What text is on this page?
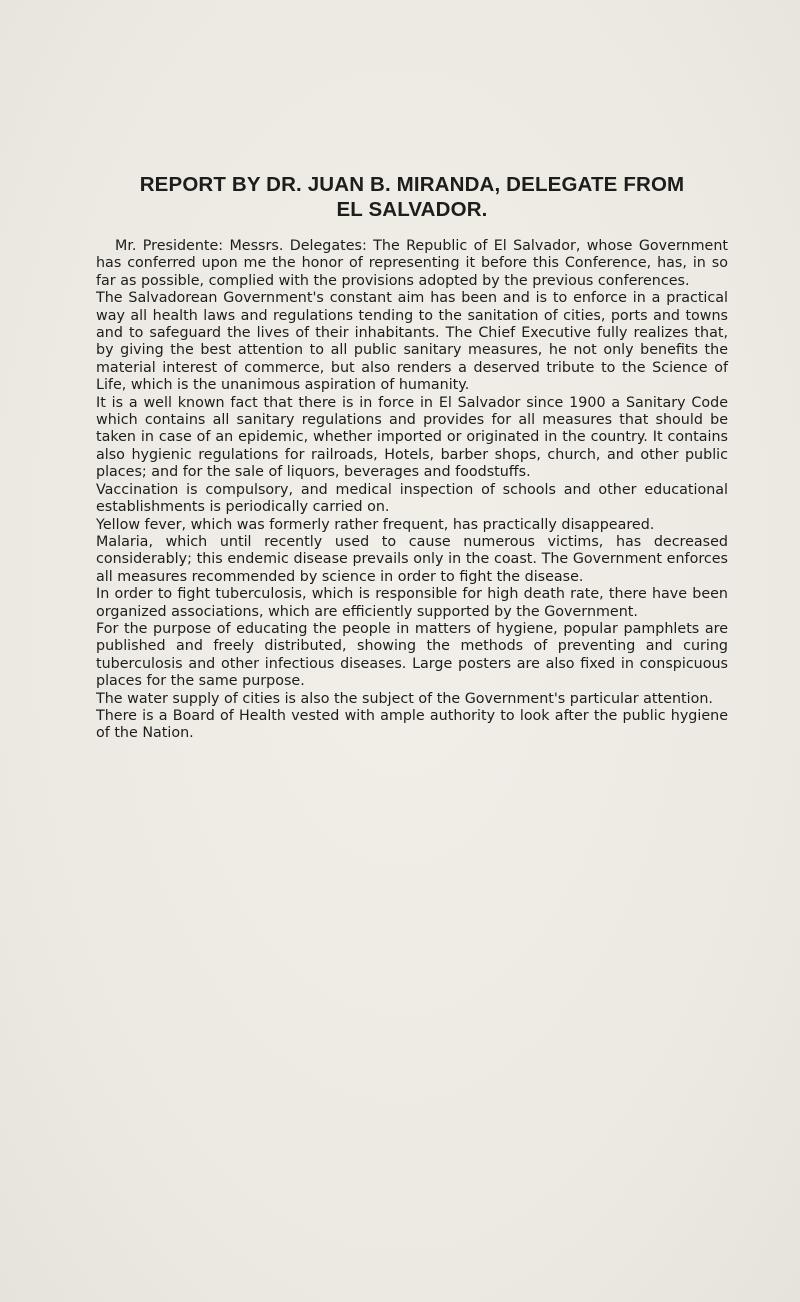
REPORT BY DR. JUAN B. MIRANDA, DELEGATE FROM
EL SALVADOR.

Mr. Presidente: Messrs. Delegates: The Republic of El Salvador, whose Government has conferred upon me the honor of representing it before this Conference, has, in so far as possible, complied with the provisions adopted by the previous conferences.

The Salvadorean Government's constant aim has been and is to enforce in a practical way all health laws and regulations tending to the sanitation of cities, ports and towns and to safeguard the lives of their inhabitants. The Chief Executive fully realizes that, by giving the best attention to all public sanitary measures, he not only benefits the material interest of commerce, but also renders a deserved tribute to the Science of Life, which is the unanimous aspiration of humanity.

It is a well known fact that there is in force in El Salvador since 1900 a Sanitary Code which contains all sanitary regulations and provides for all measures that should be taken in case of an epidemic, whether imported or originated in the country. It contains also hygienic regulations for railroads, Hotels, barber shops, church, and other public places; and for the sale of liquors, beverages and foodstuffs.

Vaccination is compulsory, and medical inspection of schools and other educational establishments is periodically carried on.

Yellow fever, which was formerly rather frequent, has practically disappeared.

Malaria, which until recently used to cause numerous victims, has decreased considerably; this endemic disease prevails only in the coast. The Government enforces all measures recommended by science in order to fight the disease.

In order to fight tuberculosis, which is responsible for high death rate, there have been organized associations, which are efficiently supported by the Government.

For the purpose of educating the people in matters of hygiene, popular pamphlets are published and freely distributed, showing the methods of preventing and curing tuberculosis and other infectious diseases. Large posters are also fixed in conspicuous places for the same purpose.

The water supply of cities is also the subject of the Government's particular attention.

There is a Board of Health vested with ample authority to look after the public hygiene of the Nation.
